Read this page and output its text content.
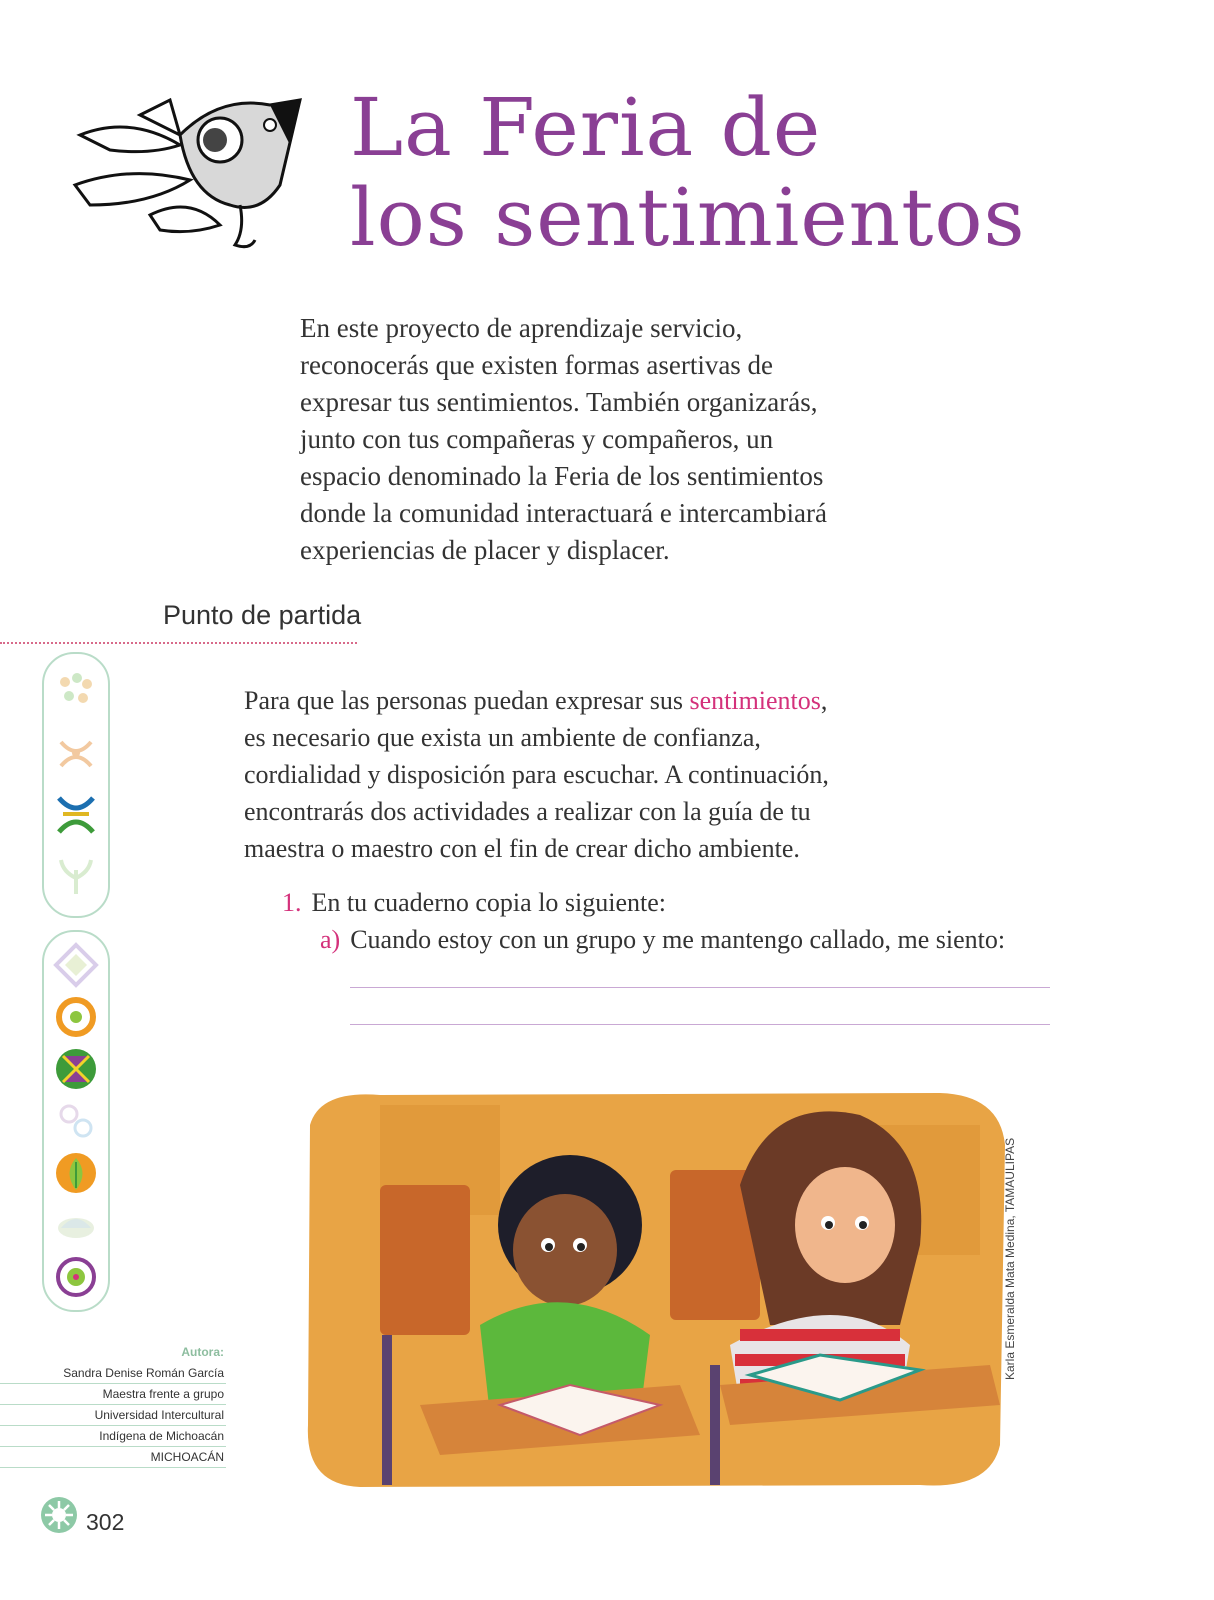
La Feria de
los sentimientos
En este proyecto de aprendizaje servicio,
reconocerás que existen formas asertivas de
expresar tus sentimientos. También organizarás,
junto con tus compañeras y compañeros, un
espacio denominado la Feria de los sentimientos
donde la comunidad interactuará e intercambiará
experiencias de placer y displacer.
Punto de partida
Para que las personas puedan expresar sus sentimientos,
es necesario que exista un ambiente de confianza,
cordialidad y disposición para escuchar. A continuación,
encontrarás dos actividades a realizar con la guía de tu
maestra o maestro con el fin de crear dicho ambiente.
1. En tu cuaderno copia lo siguiente:
a) Cuando estoy con un grupo y me mantengo callado, me siento:
Karla Esmeralda Mata Medina, TAMAULIPAS
Autora:
Sandra Denise Román García
Maestra frente a grupo
Universidad Intercultural
Indígena de Michoacán
MICHOACÁN
302
